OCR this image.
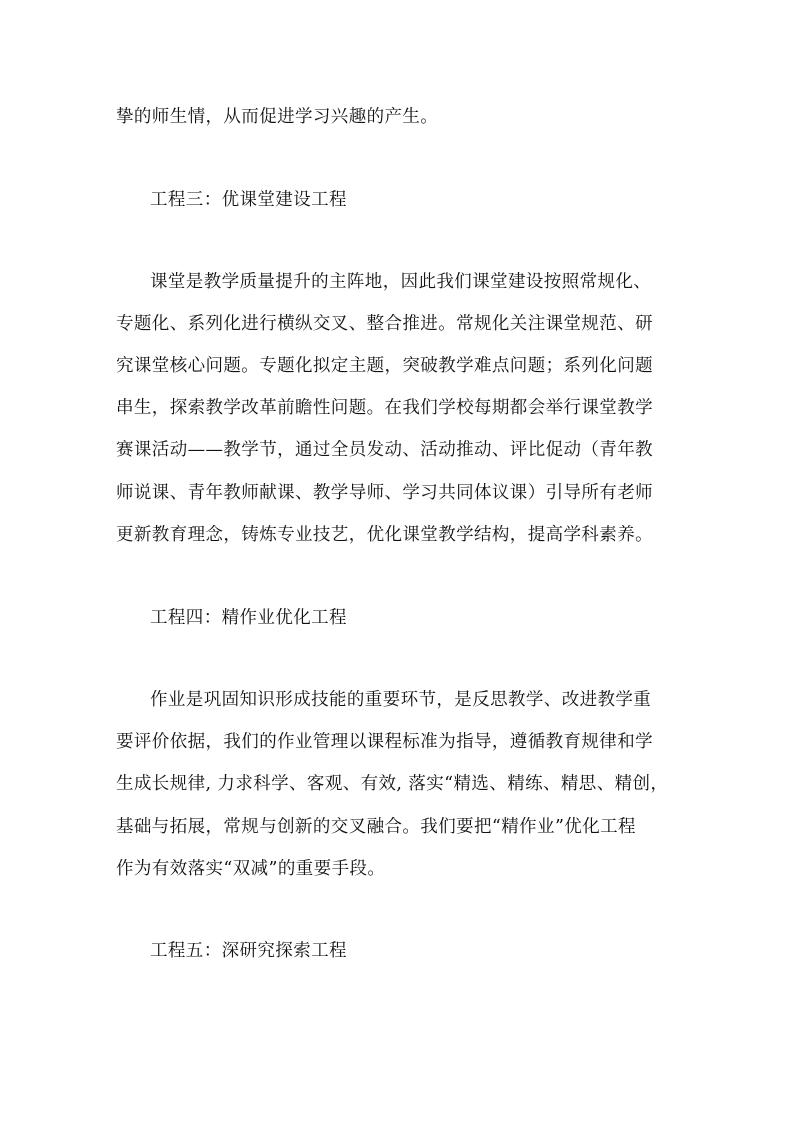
挚的师生情，从而促进学习兴趣的产生。
工程三：优课堂建设工程
课堂是教学质量提升的主阵地，因此我们课堂建设按照常规化、
专题化、系列化进行横纵交叉、整合推进。常规化关注课堂规范、研
究课堂核心问题。专题化拟定主题，突破教学难点问题；系列化问题
串生，探索教学改革前瞻性问题。在我们学校每期都会举行课堂教学
赛课活动——教学节，通过全员发动、活动推动、评比促动（青年教
师说课、青年教师献课、教学导师、学习共同体议课）引导所有老师
更新教育理念，铸炼专业技艺，优化课堂教学结构，提高学科素养。
工程四：精作业优化工程
作业是巩固知识形成技能的重要环节，是反思教学、改进教学重
要评价依据，我们的作业管理以课程标准为指导，遵循教育规律和学
生成长规律, 力求科学、客观、有效, 落实“精选、精练、精思、精创，
基础与拓展，常规与创新的交叉融合。我们要把“精作业”优化工程
作为有效落实“双减”的重要手段。
工程五：深研究探索工程
